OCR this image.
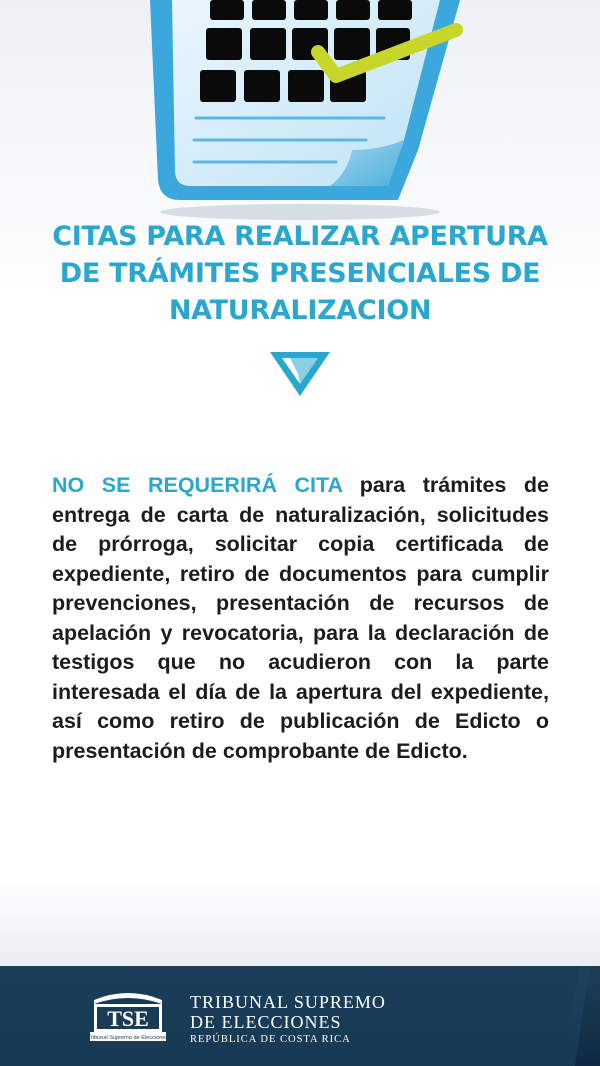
CITAS PARA REALIZAR APERTURA
DE TRÁMITES PRESENCIALES DE
NATURALIZACION
NO SE REQUERIRÁ CITA para trámites de entrega de carta de naturalización, solicitudes de prórroga, solicitar copia certificada de expediente, retiro de documentos para cumplir prevenciones, presentación de recursos de apelación y revocatoria, para la declaración de testigos que no acudieron con la parte interesada el día de la apertura del expediente, así como retiro de publicación de Edicto o presentación de comprobante de Edicto.
TSE
Tribunal Supremo de Elecciones
TRIBUNAL SUPREMO
DE ELECCIONES
REPÚBLICA DE COSTA RICA
